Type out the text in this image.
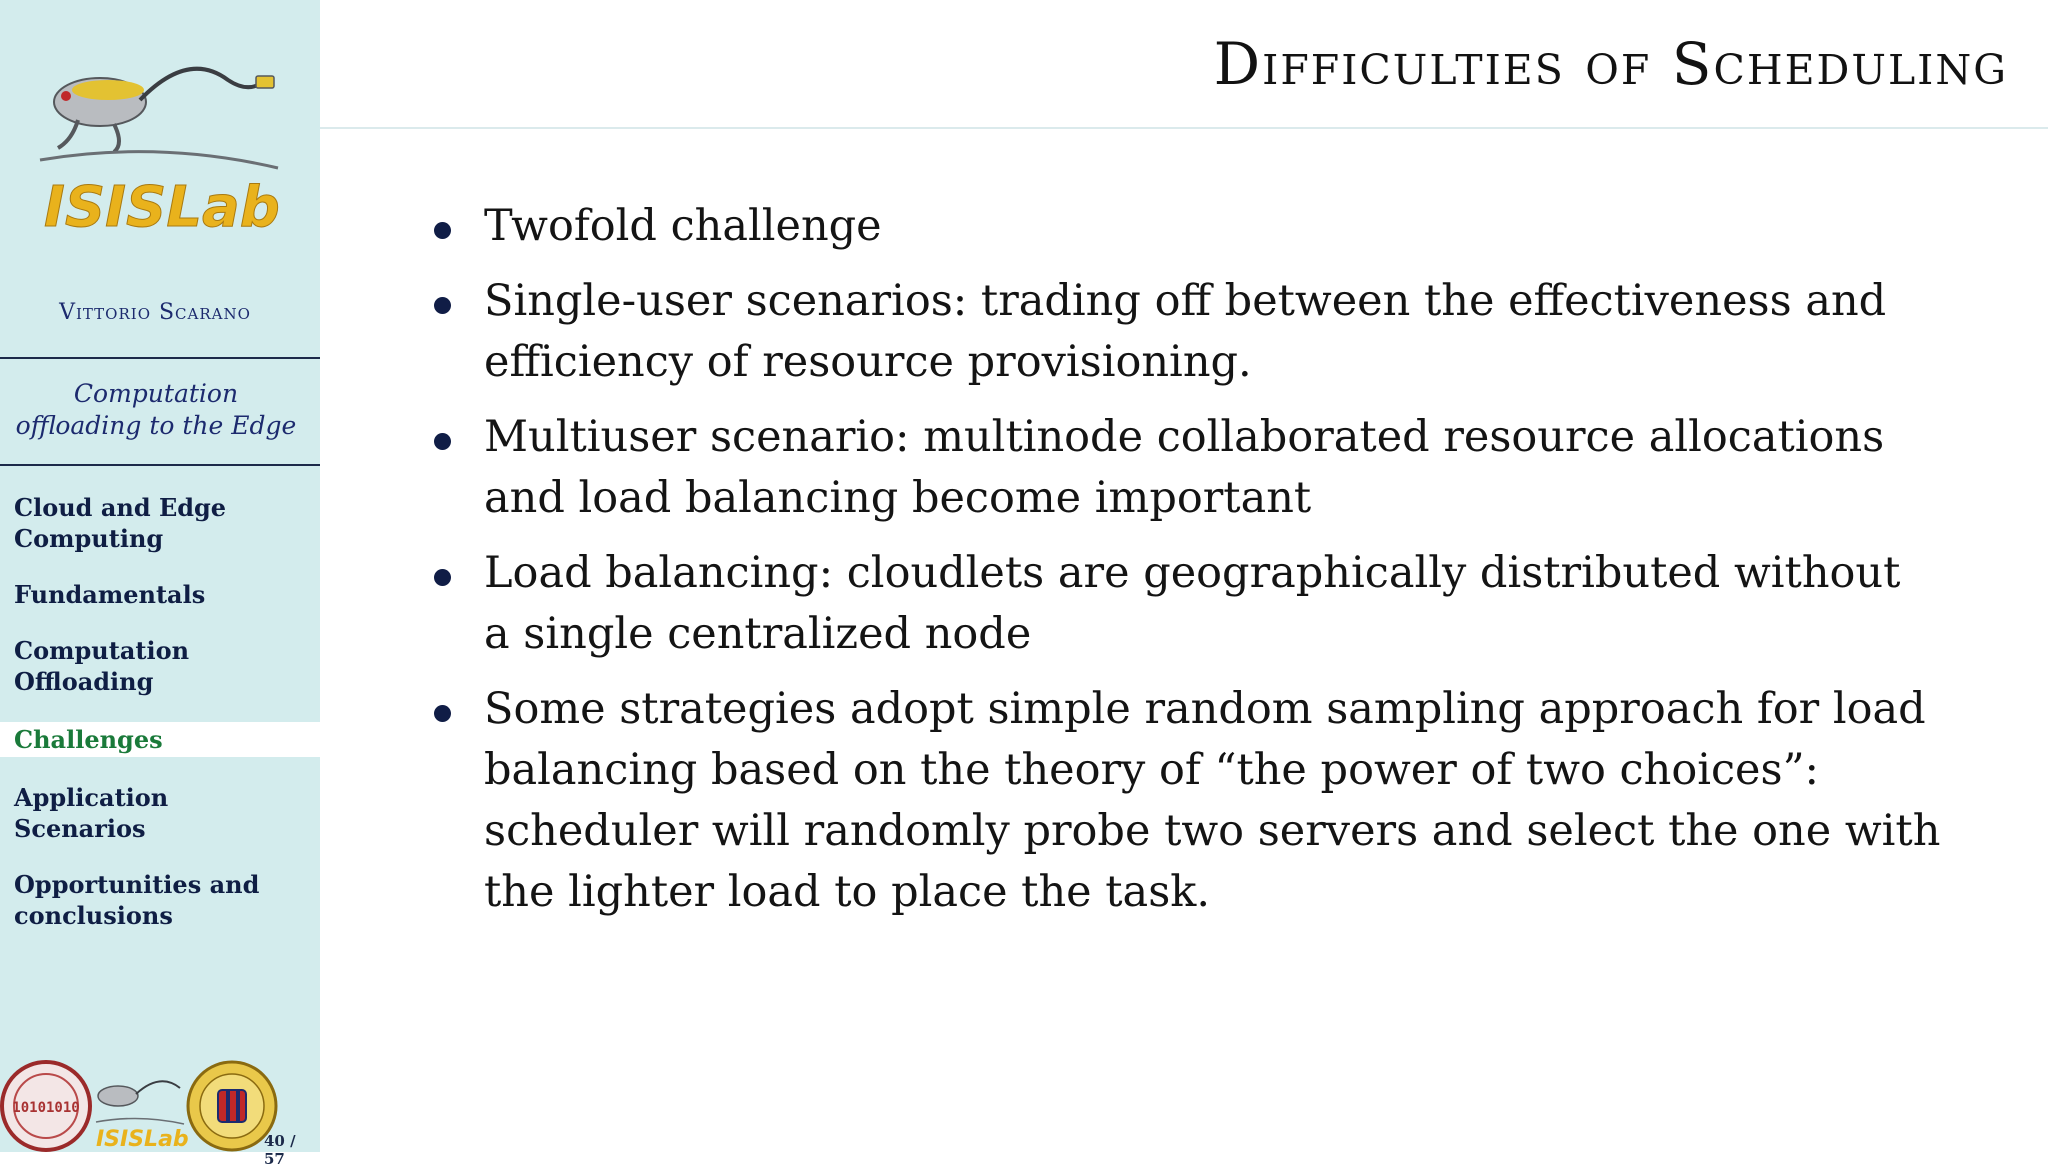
ISISLab
Vittorio Scarano
Computation
offloading to the Edge
Cloud and Edge
Computing
Fundamentals
Computation
Offloading
Challenges
Application
Scenarios
Opportunities and
conclusions
10101010
ISISLab	40 / 57
Difficulties of Scheduling
Twofold challenge
Single-user scenarios: trading off between the effectiveness and
efficiency of resource provisioning.
Multiuser scenario: multinode collaborated resource allocations
and load balancing become important
Load balancing: cloudlets are geographically distributed without
a single centralized node
Some strategies adopt simple random sampling approach for load
balancing based on the theory of “the power of two choices”:
scheduler will randomly probe two servers and select the one with
the lighter load to place the task.
